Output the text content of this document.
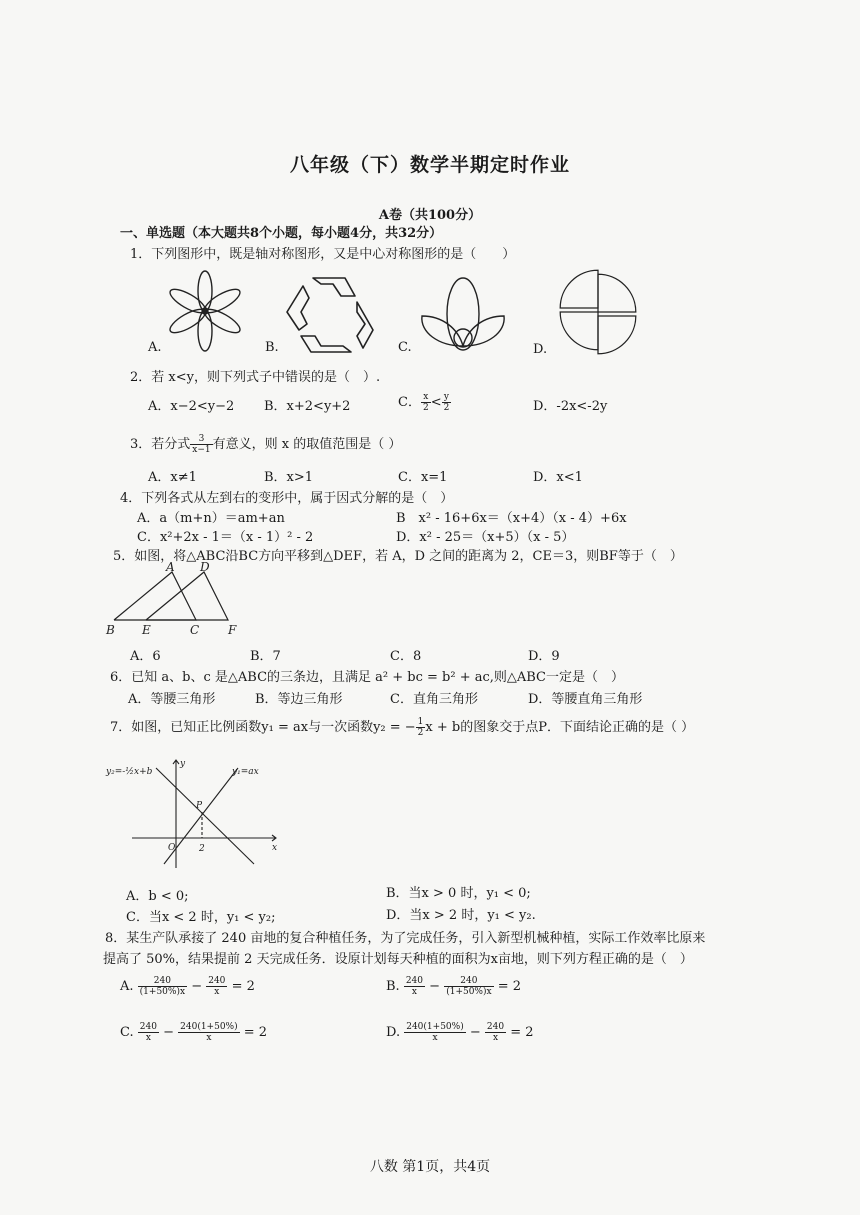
八年级（下）数学半期定时作业
A卷（共100分）
一、单选题（本大题共8个小题，每小题4分，共32分）
1．下列图形中，既是轴对称图形，又是中心对称图形的是（　　）
A.	B.	C.	D.
2．若 x<y，则下列式子中错误的是（　）.
A．x−2<y−2 B．x+2<y+2	C． $\frac{x}{2} < \frac{y}{2}$	D．-2x<-2y
3．若分式 $\frac{3}{x-1}$ 有意义，则 x 的取值范围是（ ）
A．x≠1	B．x>1	C．x=1	D．x<1
4．下列各式从左到右的变形中，属于因式分解的是（　）
A．a（m+n）＝am+an	B　x² - 16+6x＝（x+4）（x - 4）+6x
C．x²+2x - 1＝（x - 1）² - 2	D．x² - 25＝（x+5）（x - 5）
5．如图，将△ABC沿BC方向平移到△DEF，若 A，D 之间的距离为 2，CE＝3，则BF等于（　）
A D
B E	C F
A．6	B．7	C．8	D．9
6．已知 a、b、c 是△ABC的三条边，且满足 a² + bc = b² + ac,则△ABC一定是（　）
A．等腰三角形	B．等边三角形	C．直角三角形	D．等腰直角三角形
7．如图，已知正比例函数y₁ = ax与一次函数y₂ = − $\frac{1}{2}$ x + b的图象交于点P．下面结论正确的是（ ）
y₂=-½x+b	y₁=ax
y
x
O
P
2
A．b < 0;	B．当x > 0 时，y₁ < 0;
C．当x < 2 时，y₁ < y₂;	D．当x > 2 时，y₁ < y₂.
8．某生产队承接了 240 亩地的复合种植任务，为了完成任务，引入新型机械种植，实际工作效率比原来
提高了 50%，结果提前 2 天完成任务．设原计划每天种植的面积为x亩地，则下列方程正确的是（　）
A. $\frac{240}{(1+50\%)x} - \frac{240}{x} = 2$	B. $\frac{240}{x} - \frac{240}{(1+50\%)x} = 2$
C. $\frac{240}{x} - \frac{240(1+50\%)}{x} = 2$	D. $\frac{240(1+50\%)}{x} - \frac{240}{x} = 2$
八数 第1页，共4页
